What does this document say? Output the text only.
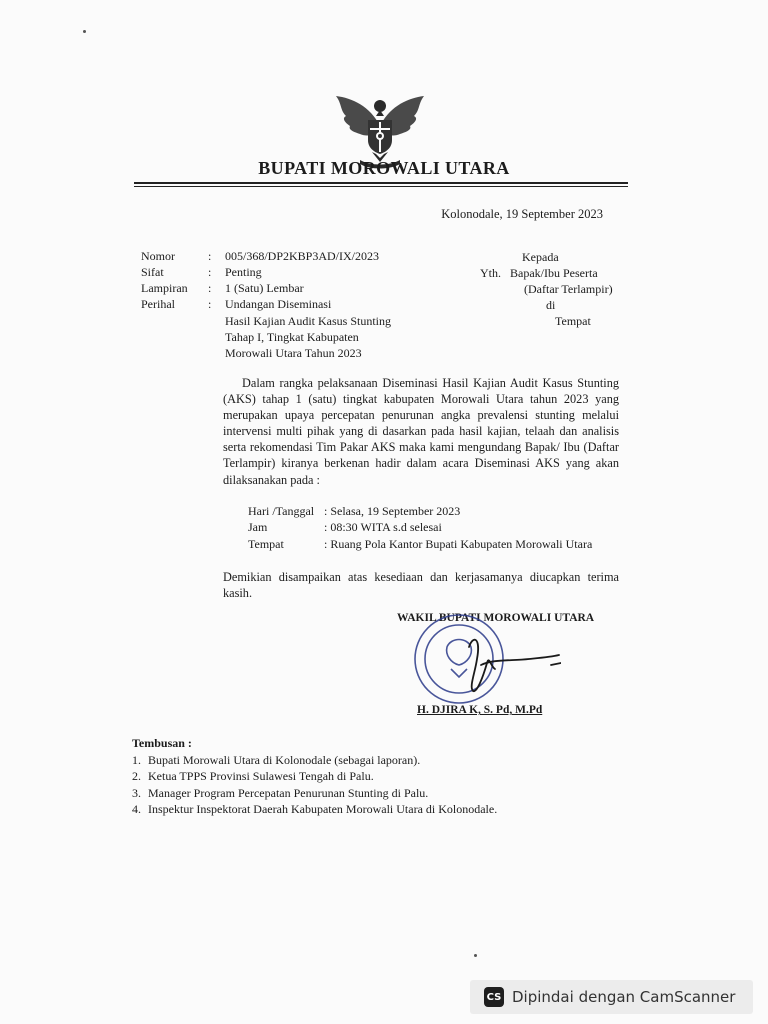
BUPATI MOROWALI UTARA
Kolonodale, 19 September 2023
Nomor	: 005/368/DP2KBP3AD/IX/2023
Sifat	: Penting
Lampiran	: 1 (Satu) Lembar
Perihal	: Undangan Diseminasi
Hasil Kajian Audit Kasus Stunting
Tahap I, Tingkat Kabupaten
Morowali Utara Tahun 2023
Kepada
Yth. Bapak/Ibu Peserta
(Daftar Terlampir)
di
Tempat
Dalam rangka pelaksanaan Diseminasi Hasil Kajian Audit Kasus Stunting (AKS) tahap 1 (satu) tingkat kabupaten Morowali Utara tahun 2023 yang merupakan upaya percepatan penurunan angka prevalensi stunting melalui intervensi multi pihak yang di dasarkan pada hasil kajian, telaah dan analisis serta rekomendasi Tim Pakar AKS maka kami mengundang Bapak/ Ibu (Daftar Terlampir) kiranya berkenan hadir dalam acara Diseminasi AKS yang akan dilaksanakan pada :
Hari /Tanggal : Selasa, 19 September 2023
Jam	: 08:30 WITA s.d selesai
Tempat	: Ruang Pola Kantor Bupati Kabupaten Morowali Utara
Demikian disampaikan atas kesediaan dan kerjasamanya diucapkan terima kasih.
WAKIL BUPATI MOROWALI UTARA
H. DJIRA K, S. Pd, M.Pd
Tembusan :
1. Bupati Morowali Utara di Kolonodale (sebagai laporan).
2. Ketua TPPS Provinsi Sulawesi Tengah di Palu.
3. Manager Program Percepatan Penurunan Stunting di Palu.
4. Inspektur Inspektorat Daerah Kabupaten Morowali Utara di Kolonodale.
CS Dipindai dengan CamScanner
